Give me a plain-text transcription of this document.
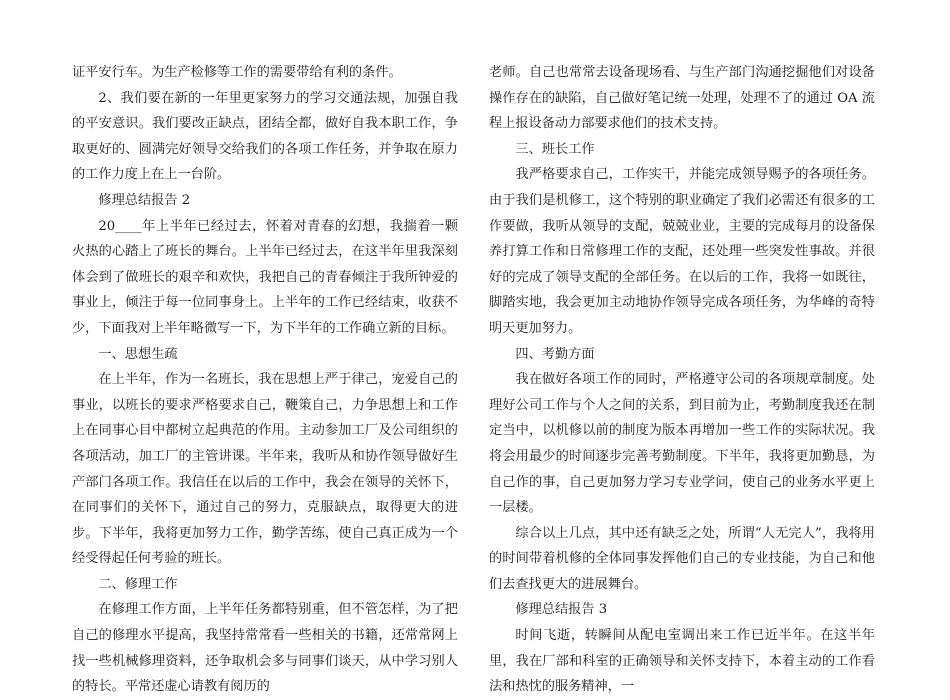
证平安行车。为生产检修等工作的需要带给有利的条件。

2、我们要在新的一年里更家努力的学习交通法规，加强自我的平安意识。我们要改正缺点，团结全都，做好自我本职工作，争取更好的、圆满完好领导交给我们的各项工作任务，并争取在原力的工作力度上在上一台阶。

修理总结报告 2

20____年上半年已经过去，怀着对青春的幻想，我揣着一颗火热的心踏上了班长的舞台。上半年已经过去，在这半年里我深刻体会到了做班长的艰辛和欢快，我把自己的青春倾注于我所钟爱的事业上，倾注于每一位同事身上。上半年的工作已经结束，收获不少，下面我对上半年略微写一下，为下半年的工作确立新的目标。

一、思想生疏

在上半年，作为一名班长，我在思想上严于律己，宠爱自己的事业，以班长的要求严格要求自己，鞭策自己，力争思想上和工作上在同事心目中都树立起典范的作用。主动参加工厂及公司组织的各项活动，加工厂的主管讲课。半年来，我听从和协作领导做好生产部门各项工作。我信任在以后的工作中，我会在领导的关怀下，在同事们的关怀下，通过自己的努力，克服缺点，取得更大的进步。下半年，我将更加努力工作，勤学苦练，使自己真正成为一个经受得起任何考验的班长。

二、修理工作

在修理工作方面，上半年任务都特别重，但不管怎样，为了把自己的修理水平提高，我坚持常常看一些相关的书籍，还常常网上找一些机械修理资料，还争取机会多与同事们谈天，从中学习别人的特长。平常还虚心请教有阅历的

老师。自己也常常去设备现场看、与生产部门沟通挖掘他们对设备操作存在的缺陷，自己做好笔记统一处理，处理不了的通过 OA 流程上报设备动力部要求他们的技术支持。

三、班长工作

我严格要求自己，工作实干，并能完成领导赐予的各项任务。由于我们是机修工，这个特别的职业确定了我们必需还有很多的工作要做，我听从领导的支配，兢兢业业，主要的完成每月的设备保养打算工作和日常修理工作的支配，还处理一些突发性事故。并很好的完成了领导支配的全部任务。在以后的工作，我将一如既往，脚踏实地，我会更加主动地协作领导完成各项任务，为华峰的奇特明天更加努力。

四、考勤方面

我在做好各项工作的同时，严格遵守公司的各项规章制度。处理好公司工作与个人之间的关系，到目前为止，考勤制度我还在制定当中，以机修以前的制度为版本再增加一些工作的实际状况。我将会用最少的时间逐步完善考勤制度。下半年，我将更加勤恳，为自己作的事，自己更加努力学习专业学问，使自己的业务水平更上一层楼。

综合以上几点，其中还有缺乏之处，所谓“人无完人”，我将用的时间带着机修的全体同事发挥他们自己的专业技能，为自己和他们去查找更大的进展舞台。

修理总结报告 3

时间飞逝，转瞬间从配电室调出来工作已近半年。在这半年里，我在厂部和科室的正确领导和关怀支持下，本着主动的工作看法和热忱的服务精神，一
